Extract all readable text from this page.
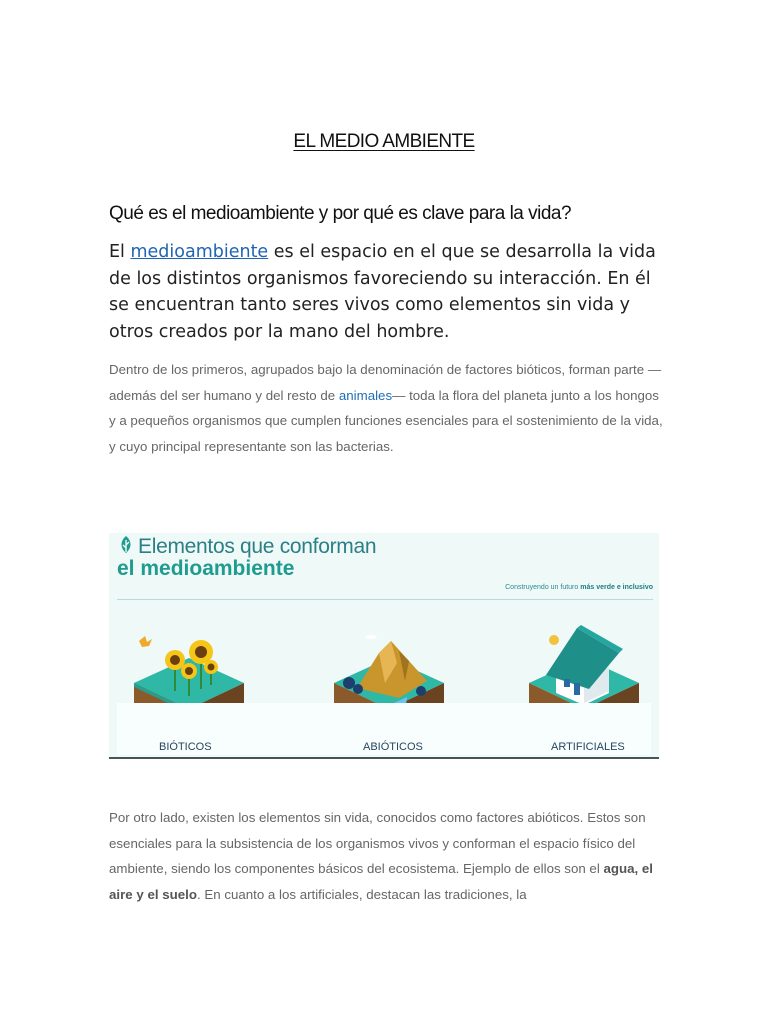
EL MEDIO AMBIENTE
Qué es el medioambiente y por qué es clave para la vida?
El medioambiente es el espacio en el que se desarrolla la vida de los distintos organismos favoreciendo su interacción. En él se encuentran tanto seres vivos como elementos sin vida y otros creados por la mano del hombre.
Dentro de los primeros, agrupados bajo la denominación de factores bióticos, forman parte —además del ser humano y del resto de animales— toda la flora del planeta junto a los hongos y a pequeños organismos que cumplen funciones esenciales para el sostenimiento de la vida, y cuyo principal representante son las bacterias.
Elementos que conforman
el medioambiente
Construyendo un futuro más verde e inclusivo
BIÓTICOS	ABIÓTICOS	ARTIFICIALES
Por otro lado, existen los elementos sin vida, conocidos como factores abióticos. Estos son esenciales para la subsistencia de los organismos vivos y conforman el espacio físico del ambiente, siendo los componentes básicos del ecosistema. Ejemplo de ellos son el agua, el aire y el suelo. En cuanto a los artificiales, destacan las tradiciones, la
